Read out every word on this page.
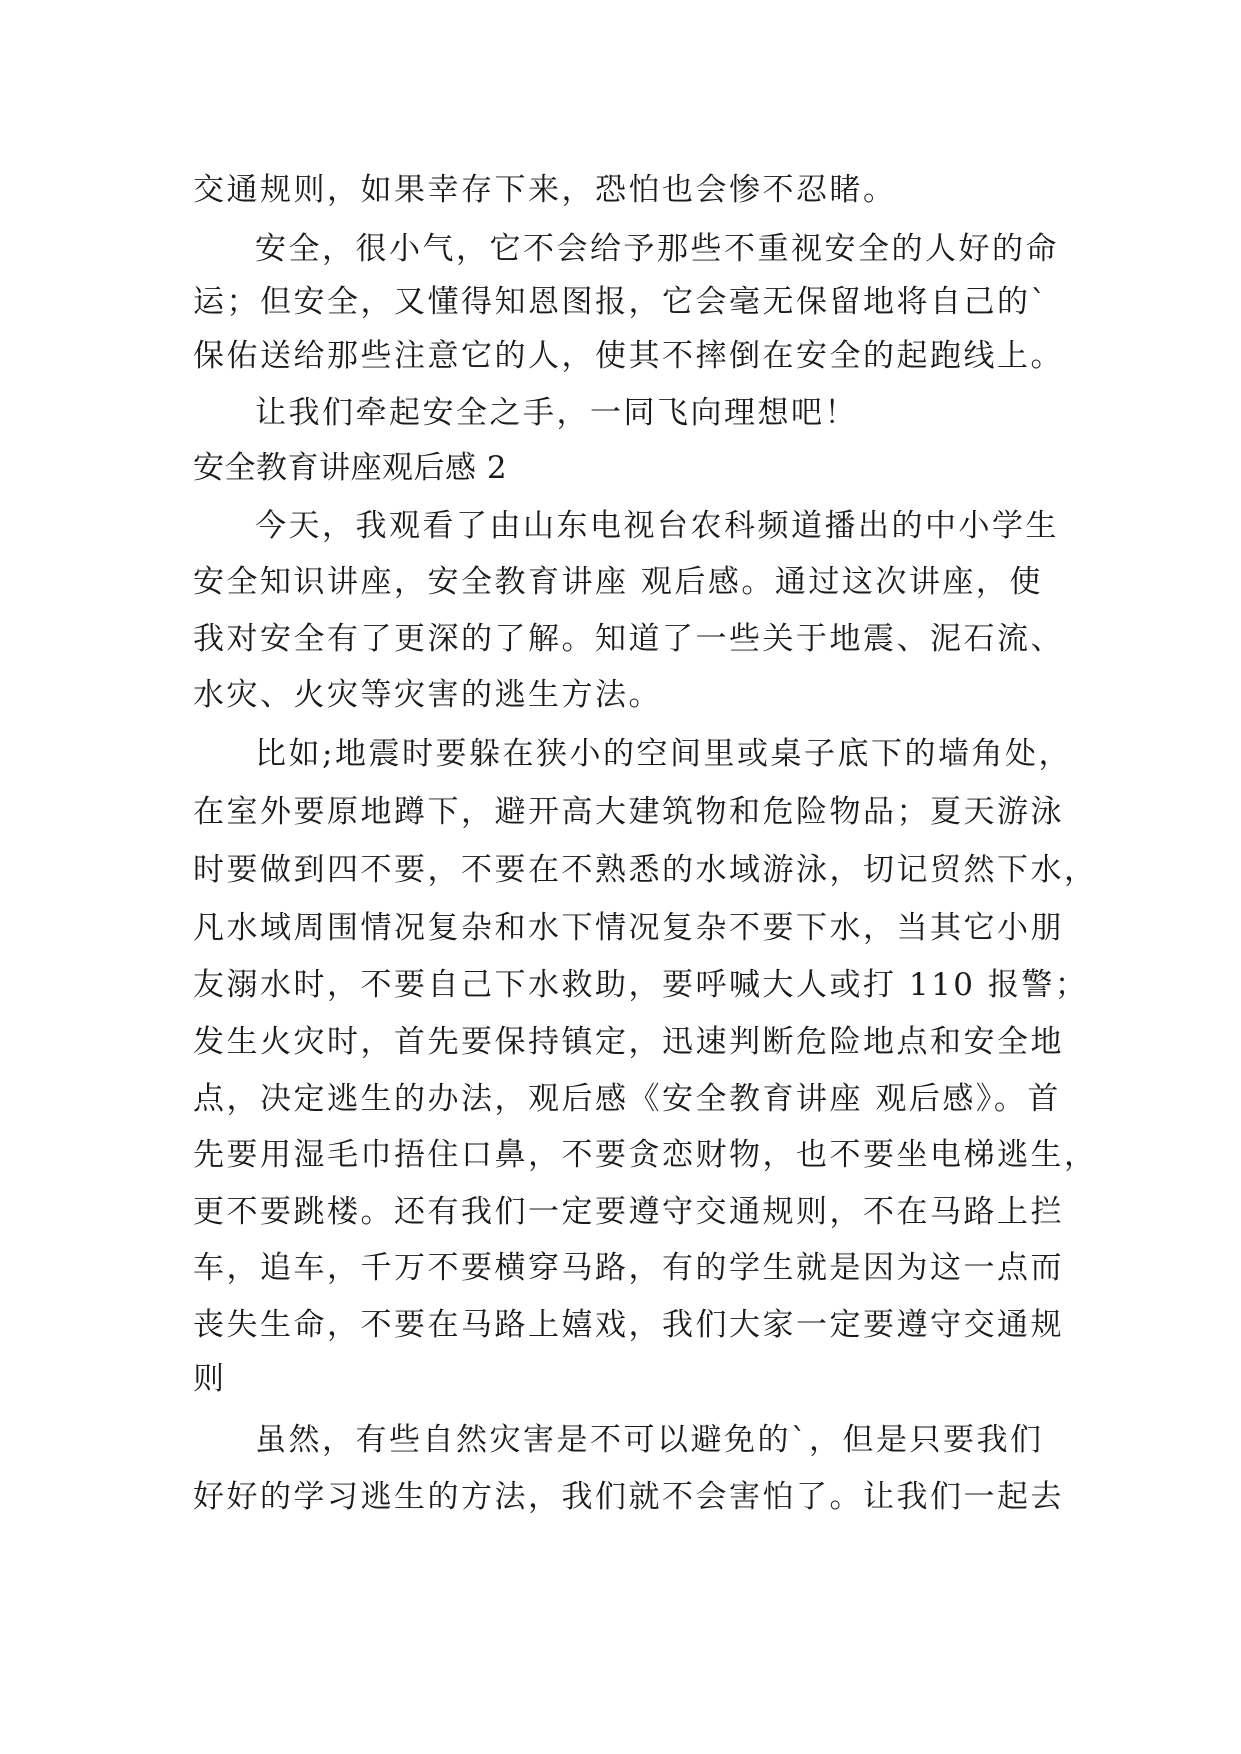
交通规则，如果幸存下来，恐怕也会惨不忍睹。
安全，很小气，它不会给予那些不重视安全的人好的命
运；但安全，又懂得知恩图报，它会毫无保留地将自己的`
保佑送给那些注意它的人，使其不摔倒在安全的起跑线上。
让我们牵起安全之手，一同飞向理想吧！
安全教育讲座观后感 2
今天，我观看了由山东电视台农科频道播出的中小学生
安全知识讲座，安全教育讲座 观后感。通过这次讲座，使
我对安全有了更深的了解。知道了一些关于地震、泥石流、
水灾、火灾等灾害的逃生方法。
比如;地震时要躲在狭小的空间里或桌子底下的墙角处，
在室外要原地蹲下，避开高大建筑物和危险物品；夏天游泳
时要做到四不要，不要在不熟悉的水域游泳，切记贸然下水，
凡水域周围情况复杂和水下情况复杂不要下水，当其它小朋
友溺水时，不要自己下水救助，要呼喊大人或打 110 报警；
发生火灾时，首先要保持镇定，迅速判断危险地点和安全地
点，决定逃生的办法，观后感《安全教育讲座 观后感》。首
先要用湿毛巾捂住口鼻，不要贪恋财物，也不要坐电梯逃生，
更不要跳楼。还有我们一定要遵守交通规则，不在马路上拦
车，追车，千万不要横穿马路，有的学生就是因为这一点而
丧失生命，不要在马路上嬉戏，我们大家一定要遵守交通规
则
虽然，有些自然灾害是不可以避免的`，但是只要我们
好好的学习逃生的方法，我们就不会害怕了。让我们一起去
